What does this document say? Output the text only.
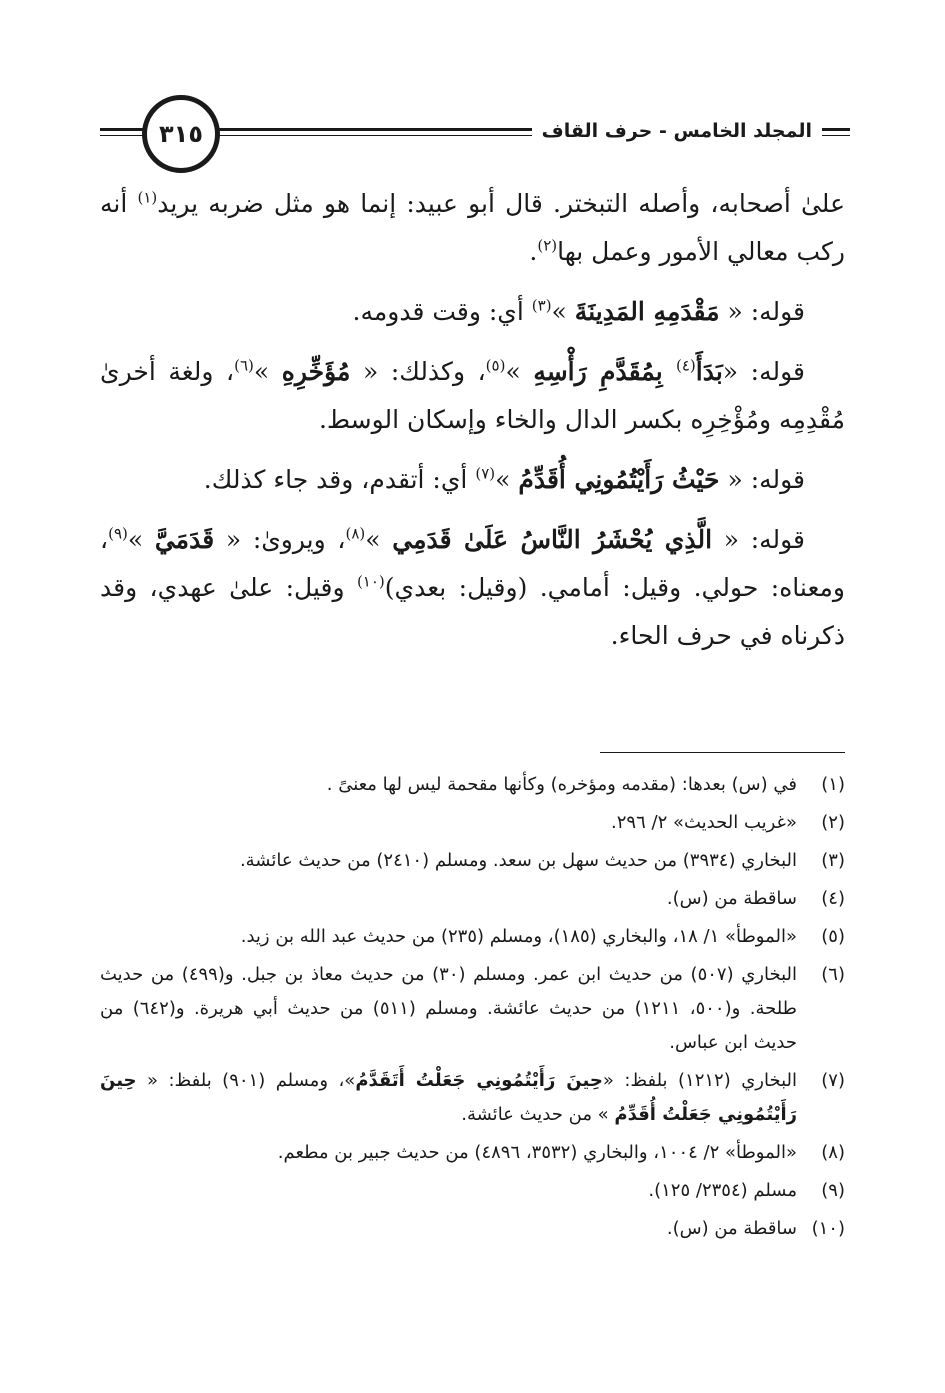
المجلد الخامس - حرف القاف
٣١٥

علىٰ أصحابه، وأصله التبختر. قال أبو عبيد: إنما هو مثل ضربه يريد$^{(١)}$ أنه ركب معالي الأمور وعمل بها$^{(٢)}$.

قوله: « مَقْدَمِهِ المَدِينَةَ »$^{(٣)}$ أي: وقت قدومه.

قوله: «بَدَأَ$^{(٤)}$ بِمُقَدَّمِ رَأْسِهِ »$^{(٥)}$، وكذلك: « مُؤَخِّرِهِ »$^{(٦)}$، ولغة أخرىٰ مُقْدِمِه ومُؤْخِرِه بكسر الدال والخاء وإسكان الوسط.

قوله: « حَيْثُ رَأَيْتُمُونِي أُقَدِّمُ »$^{(٧)}$ أي: أتقدم، وقد جاء كذلك.

قوله: « الَّذِي يُحْشَرُ النَّاسُ عَلَىٰ قَدَمِي »$^{(٨)}$، ويروىٰ: « قَدَمَيَّ »$^{(٩)}$، ومعناه: حولي. وقيل: أمامي. (وقيل: بعدي)$^{(١٠)}$ وقيل: علىٰ عهدي، وقد ذكرناه في حرف الحاء.

(١)
في (س) بعدها: (مقدمه ومؤخره) وكأنها مقحمة ليس لها معنىً .
(٢)
«غريب الحديث» ٢/ ٢٩٦.
(٣)
البخاري (٣٩٣٤) من حديث سهل بن سعد. ومسلم (٢٤١٠) من حديث عائشة.
(٤)
ساقطة من (س).
(٥)
«الموطأ» ١/ ١٨، والبخاري (١٨٥)، ومسلم (٢٣٥) من حديث عبد الله بن زيد.
(٦)
البخاري (٥٠٧) من حديث ابن عمر. ومسلم (٣٠) من حديث معاذ بن جبل. و(٤٩٩) من حديث طلحة. و(٥٠٠، ١٢١١) من حديث عائشة. ومسلم (٥١١) من حديث أبي هريرة. و(٦٤٢) من حديث ابن عباس.
(٧)
البخاري (١٢١٢) بلفظ: «حِينَ رَأَيْتُمُونِي جَعَلْتُ أَتَقَدَّمُ»، ومسلم (٩٠١) بلفظ: « حِينَ رَأَيْتُمُونِي جَعَلْتُ أُقَدِّمُ » من حديث عائشة.
(٨)
«الموطأ» ٢/ ١٠٠٤، والبخاري (٣٥٣٢، ٤٨٩٦) من حديث جبير بن مطعم.
(٩)
مسلم (٢٣٥٤/ ١٢٥).
(١٠)
ساقطة من (س).
